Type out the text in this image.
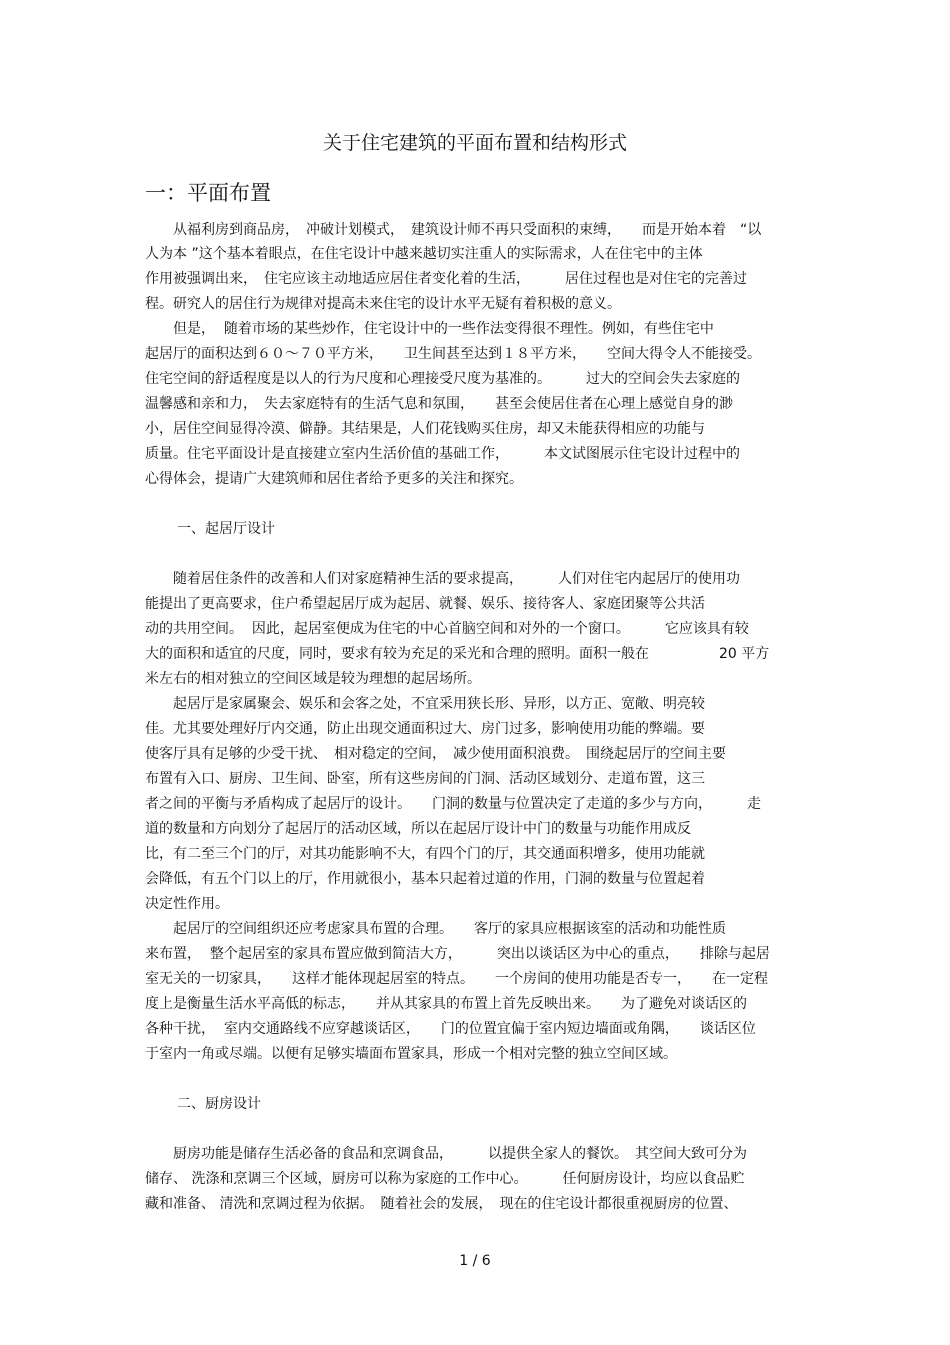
关于住宅建筑的平面布置和结构形式
一：平面布置
　　从福利房到商品房，　冲破计划模式，　建筑设计师不再只受面积的束缚，　　而是开始本着　“以
人为本 ”这个基本着眼点，在住宅设计中越来越切实注重人的实际需求，人在住宅中的主体
作用被强调出来，　住宅应该主动地适应居住者变化着的生活，　　　居住过程也是对住宅的完善过
程。研究人的居住行为规律对提高未来住宅的设计水平无疑有着积极的意义。
　　但是，  随着市场的某些炒作，住宅设计中的一些作法变得很不理性。例如，有些住宅中
起居厅的面积达到６０～７０平方米，　　卫生间甚至达到１８平方米，　　空间大得令人不能接受。
住宅空间的舒适程度是以人的行为尺度和心理接受尺度为基准的。　　　过大的空间会失去家庭的
温馨感和亲和力，　失去家庭特有的生活气息和氛围，　　甚至会使居住者在心理上感觉自身的渺
小，居住空间显得冷漠、僻静。其结果是，人们花钱购买住房，却又未能获得相应的功能与
质量。住宅平面设计是直接建立室内生活价值的基础工作，　　　本文试图展示住宅设计过程中的
心得体会，提请广大建筑师和居住者给予更多的关注和探究。
一、起居厅设计
　　随着居住条件的改善和人们对家庭精神生活的要求提高，　　　人们对住宅内起居厅的使用功
能提出了更高要求，住户希望起居厅成为起居、就餐、娱乐、接待客人、家庭团聚等公共活
动的共用空间。  因此，起居室便成为住宅的中心首脑空间和对外的一个窗口。　　　它应该具有较
大的面积和适宜的尺度，同时，要求有较为充足的采光和合理的照明。面积一般在　　　　　20 平方
米左右的相对独立的空间区域是较为理想的起居场所。
　　起居厅是家属聚会、娱乐和会客之处，不宜采用狭长形、异形，以方正、宽敞、明亮较
佳。尤其要处理好厅内交通，防止出现交通面积过大、房门过多，影响使用功能的弊端。要
使客厅具有足够的少受干扰、　相对稳定的空间，　减少使用面积浪费。　围绕起居厅的空间主要
布置有入口、厨房、卫生间、卧室，所有这些房间的门洞、活动区域划分、走道布置，这三
者之间的平衡与矛盾构成了起居厅的设计。　　门洞的数量与位置决定了走道的多少与方向，　　　走
道的数量和方向划分了起居厅的活动区域，所以在起居厅设计中门的数量与功能作用成反
比，有二至三个门的厅，对其功能影响不大，有四个门的厅，其交通面积增多，使用功能就
会降低，有五个门以上的厅，作用就很小，基本只起着过道的作用，门洞的数量与位置起着
决定性作用。
　　起居厅的空间组织还应考虑家具布置的合理。　　客厅的家具应根据该室的活动和功能性质
来布置，  整个起居室的家具布置应做到简洁大方，　　　突出以谈话区为中心的重点，　　排除与起居
室无关的一切家具，　　这样才能体现起居室的特点。　　一个房间的使用功能是否专一，　　在一定程
度上是衡量生活水平高低的标志，　　并从其家具的布置上首先反映出来。　　为了避免对谈话区的
各种干扰，  室内交通路线不应穿越谈话区，　　门的位置宜偏于室内短边墙面或角隅，　　谈话区位
于室内一角或尽端。以便有足够实墙面布置家具，形成一个相对完整的独立空间区域。
二、厨房设计
　　厨房功能是储存生活必备的食品和烹调食品，　　　以提供全家人的餐饮。　其空间大致可分为
储存、 洗涤和烹调三个区域，厨房可以称为家庭的工作中心。　　　任何厨房设计，均应以食品贮
藏和准备、 清洗和烹调过程为依据。　随着社会的发展，　现在的住宅设计都很重视厨房的位置、
1 / 6
